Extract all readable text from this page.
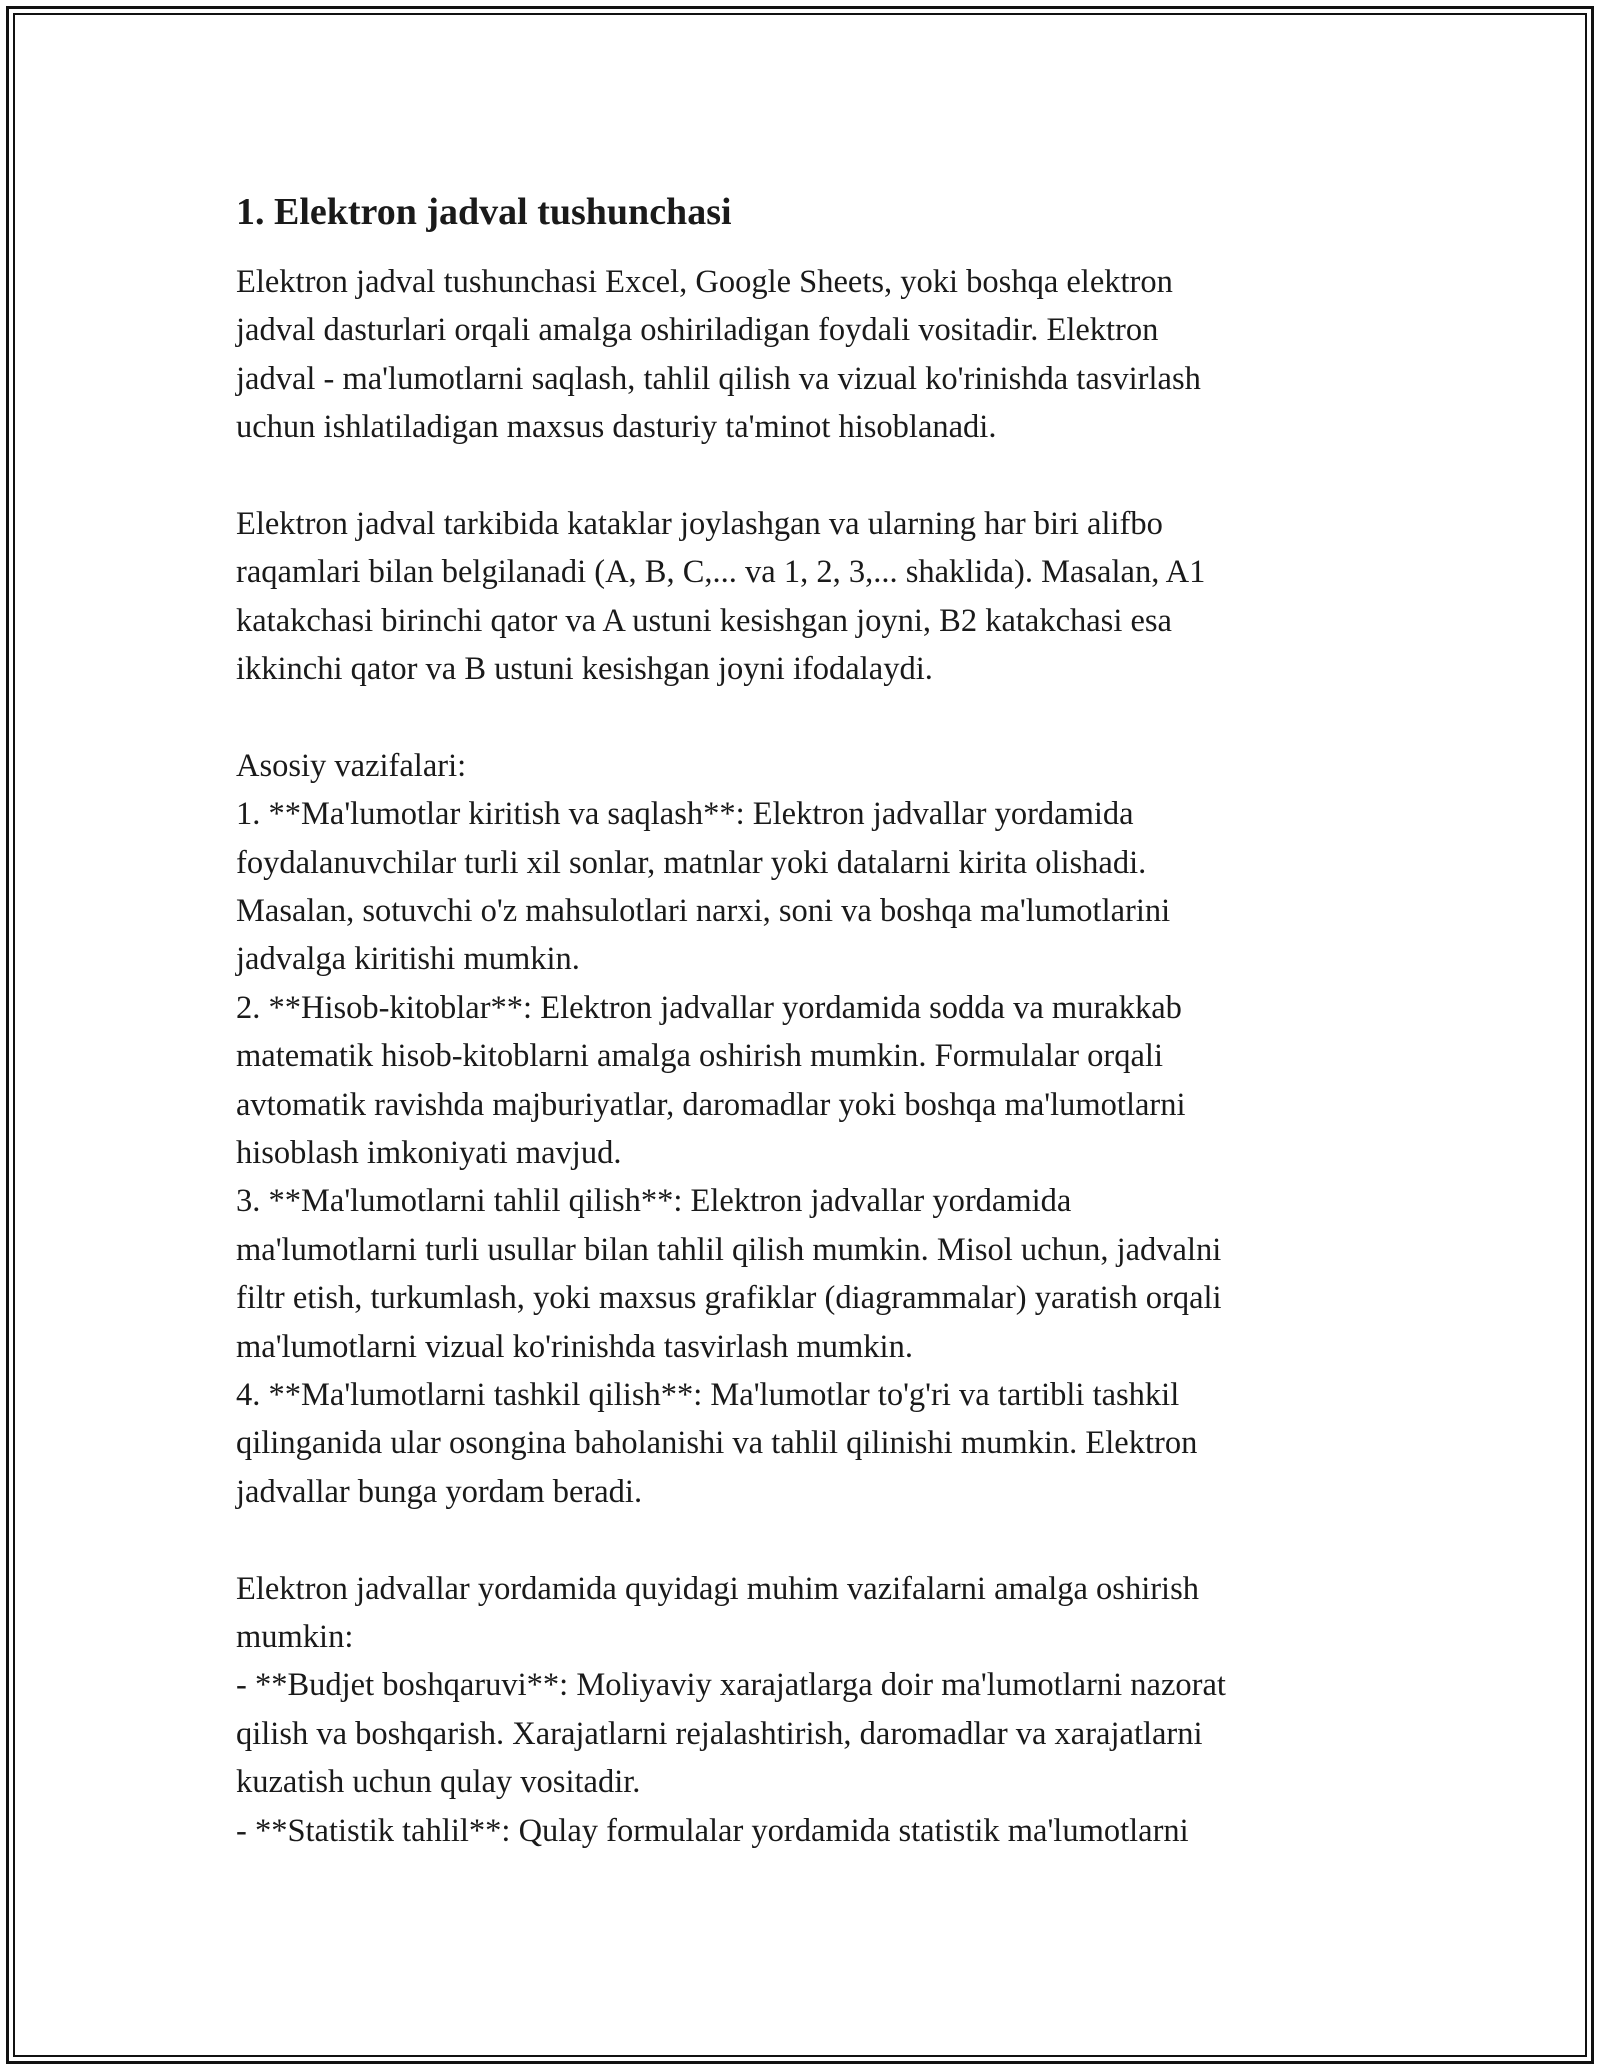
1. Elektron jadval tushunchasi
Elektron jadval tushunchasi Excel, Google Sheets, yoki boshqa elektron
jadval dasturlari orqali amalga oshiriladigan foydali vositadir. Elektron
jadval - ma'lumotlarni saqlash, tahlil qilish va vizual ko'rinishda tasvirlash
uchun ishlatiladigan maxsus dasturiy ta'minot hisoblanadi.
Elektron jadval tarkibida kataklar joylashgan va ularning har biri alifbo
raqamlari bilan belgilanadi (A, B, C,... va 1, 2, 3,... shaklida). Masalan, A1
katakchasi birinchi qator va A ustuni kesishgan joyni, B2 katakchasi esa
ikkinchi qator va B ustuni kesishgan joyni ifodalaydi.
Asosiy vazifalari:
1. **Ma'lumotlar kiritish va saqlash**: Elektron jadvallar yordamida
foydalanuvchilar turli xil sonlar, matnlar yoki datalarni kirita olishadi.
Masalan, sotuvchi o'z mahsulotlari narxi, soni va boshqa ma'lumotlarini
jadvalga kiritishi mumkin.
2. **Hisob-kitoblar**: Elektron jadvallar yordamida sodda va murakkab
matematik hisob-kitoblarni amalga oshirish mumkin. Formulalar orqali
avtomatik ravishda majburiyatlar, daromadlar yoki boshqa ma'lumotlarni
hisoblash imkoniyati mavjud.
3. **Ma'lumotlarni tahlil qilish**: Elektron jadvallar yordamida
ma'lumotlarni turli usullar bilan tahlil qilish mumkin. Misol uchun, jadvalni
filtr etish, turkumlash, yoki maxsus grafiklar (diagrammalar) yaratish orqali
ma'lumotlarni vizual ko'rinishda tasvirlash mumkin.
4. **Ma'lumotlarni tashkil qilish**: Ma'lumotlar to'g'ri va tartibli tashkil
qilinganida ular osongina baholanishi va tahlil qilinishi mumkin. Elektron
jadvallar bunga yordam beradi.
Elektron jadvallar yordamida quyidagi muhim vazifalarni amalga oshirish
mumkin:
- **Budjet boshqaruvi**: Moliyaviy xarajatlarga doir ma'lumotlarni nazorat
qilish va boshqarish. Xarajatlarni rejalashtirish, daromadlar va xarajatlarni
kuzatish uchun qulay vositadir.
- **Statistik tahlil**: Qulay formulalar yordamida statistik ma'lumotlarni
